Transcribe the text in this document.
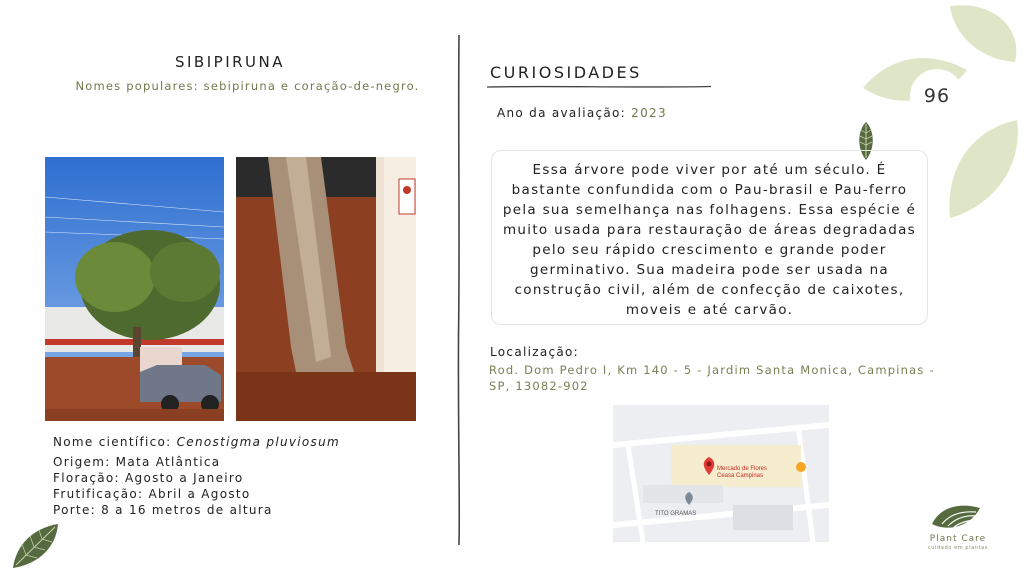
96
SIBIPIRUNA
Nomes populares: sebipiruna e coração-de-negro.
Nome científico: Cenostigma pluviosum
Origem: Mata Atlântica
Floração: Agosto a Janeiro
Frutificação: Abril a Agosto
Porte: 8 a 16 metros de altura
CURIOSIDADES
Ano da avaliação: 2023
Essa árvore pode viver por até um século. É bastante confundida com o Pau-brasil e Pau-ferro pela sua semelhança nas folhagens. Essa espécie é muito usada para restauração de áreas degradadas pelo seu rápido crescimento e grande poder germinativo. Sua madeira pode ser usada na construção civil, além de confecção de caixotes, moveis e até carvão.
Localização:
Rod. Dom Pedro I, Km 140 - 5 - Jardim Santa Monica, Campinas - SP, 13082-902
Mercado de Flores
Ceasa Campinas
TITO GRAMAS
Plant Care
cuidado em plantas
